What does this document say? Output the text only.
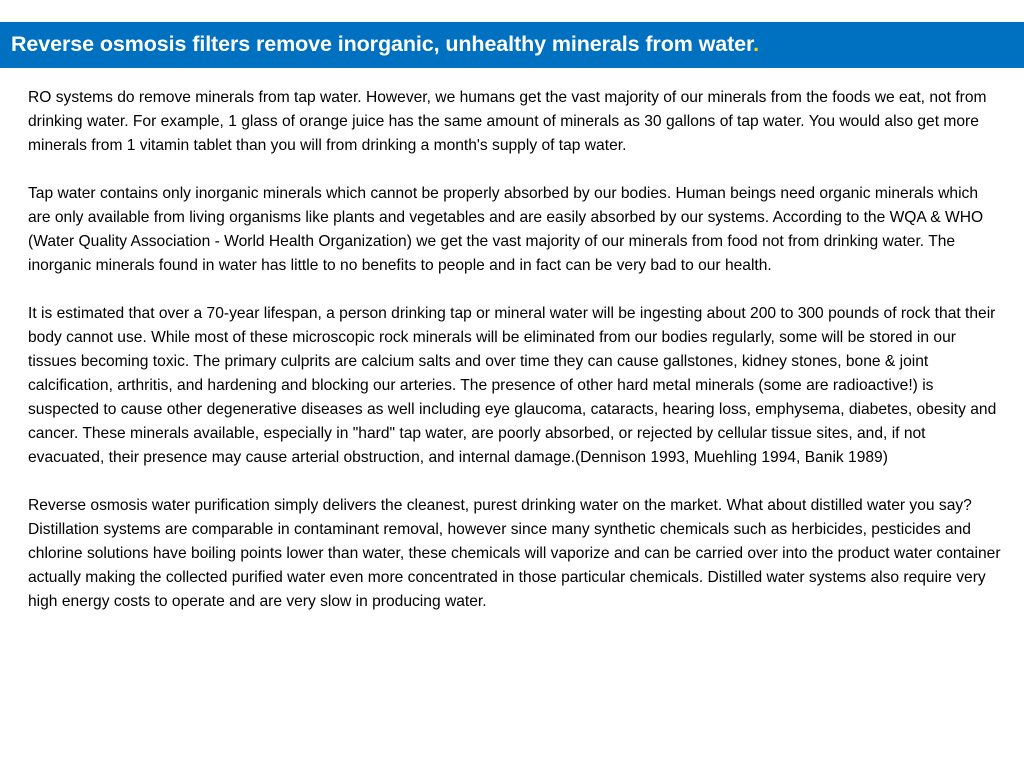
Reverse osmosis filters remove inorganic, unhealthy minerals from water.

RO systems do remove minerals from tap water. However, we humans get the vast majority of our minerals from the foods we eat, not from drinking water. For example, 1 glass of orange juice has the same amount of minerals as 30 gallons of tap water. You would also get more minerals from 1 vitamin tablet than you will from drinking a month's supply of tap water.

Tap water contains only inorganic minerals which cannot be properly absorbed by our bodies. Human beings need organic minerals which are only available from living organisms like plants and vegetables and are easily absorbed by our systems. According to the WQA & WHO (Water Quality Association - World Health Organization) we get the vast majority of our minerals from food not from drinking water. The inorganic minerals found in water has little to no benefits to people and in fact can be very bad to our health.

It is estimated that over a 70-year lifespan, a person drinking tap or mineral water will be ingesting about 200 to 300 pounds of rock that their body cannot use. While most of these microscopic rock minerals will be eliminated from our bodies regularly, some will be stored in our tissues becoming toxic. The primary culprits are calcium salts and over time they can cause gallstones, kidney stones, bone & joint calcification, arthritis, and hardening and blocking our arteries. The presence of other hard metal minerals (some are radioactive!) is suspected to cause other degenerative diseases as well including eye glaucoma, cataracts, hearing loss, emphysema, diabetes, obesity and cancer. These minerals available, especially in "hard" tap water, are poorly absorbed, or rejected by cellular tissue sites, and, if not evacuated, their presence may cause arterial obstruction, and internal damage.(Dennison 1993, Muehling 1994, Banik 1989)

Reverse osmosis water purification simply delivers the cleanest, purest drinking water on the market. What about distilled water you say? Distillation systems are comparable in contaminant removal, however since many synthetic chemicals such as herbicides, pesticides and chlorine solutions have boiling points lower than water, these chemicals will vaporize and can be carried over into the product water container actually making the collected purified water even more concentrated in those particular chemicals. Distilled water systems also require very high energy costs to operate and are very slow in producing water.
